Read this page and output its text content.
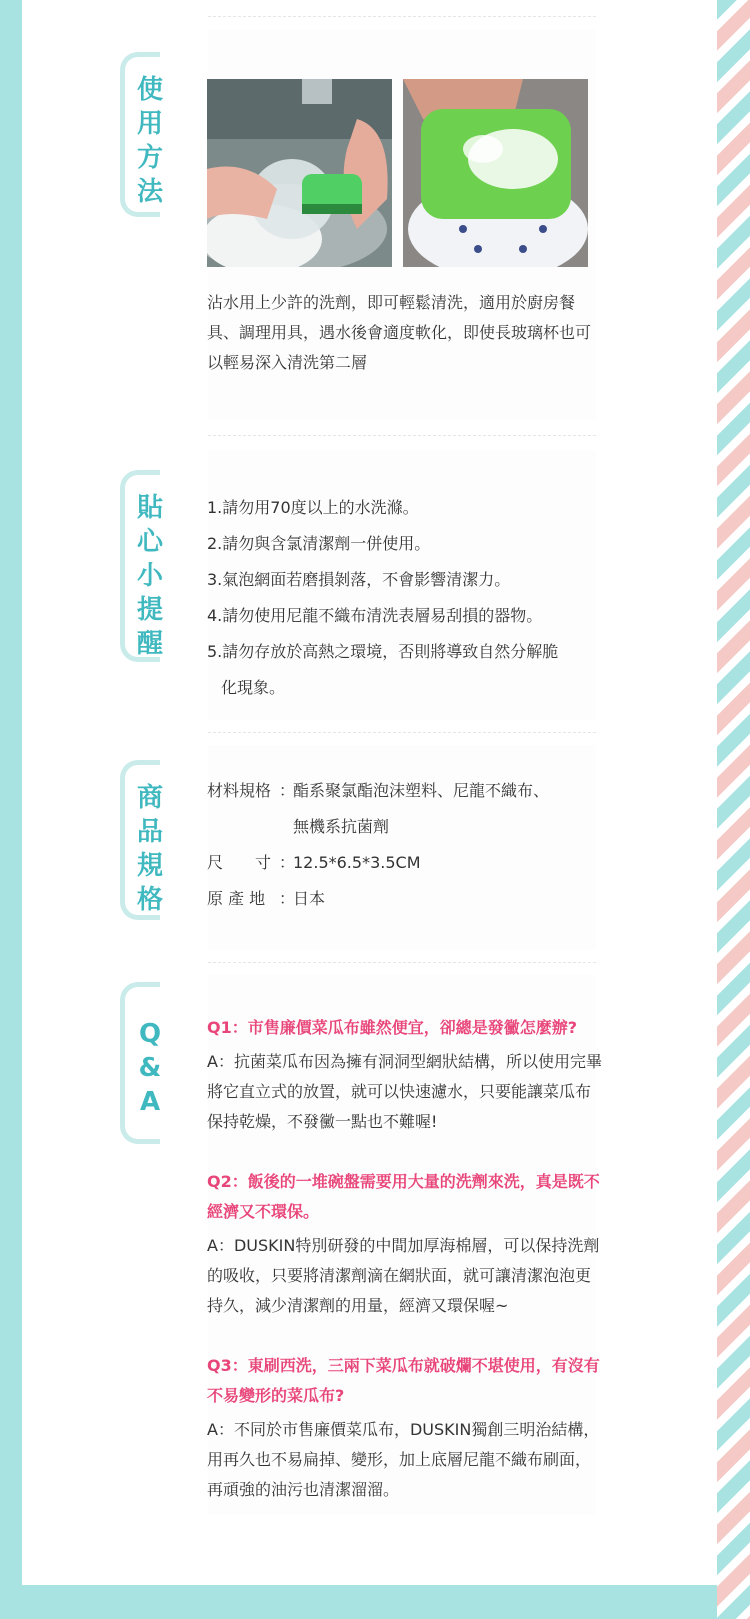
使用方法
沾水用上少許的洗劑，即可輕鬆清洗，適用於廚房餐具、調理用具，遇水後會適度軟化，即使長玻璃杯也可以輕易深入清洗第二層
貼心小提醒
1.請勿用70度以上的水洗滌。
2.請勿與含氯清潔劑一併使用。
3.氣泡網面若磨損剝落，不會影響清潔力。
4.請勿使用尼龍不織布清洗表層易刮損的器物。
5.請勿存放於高熱之環境，否則將導致自然分解脆
化現象。
商品規格
材料規格 ：
酯系聚氯酯泡沫塑料、尼龍不織布、
無機系抗菌劑
尺　　寸 ：
12.5*6.5*3.5CM
原 產 地 ：
日本
Q&A
Q1：市售廉價菜瓜布雖然便宜，卻總是發黴怎麼辦?
A：抗菌菜瓜布因為擁有洞洞型網狀結構，所以使用完畢將它直立式的放置，就可以快速濾水，只要能讓菜瓜布保持乾燥，不發黴一點也不難喔!
Q2：飯後的一堆碗盤需要用大量的洗劑來洗，真是既不經濟又不環保。
A：DUSKIN特別研發的中間加厚海棉層，可以保持洗劑的吸收，只要將清潔劑滴在網狀面，就可讓清潔泡泡更持久，減少清潔劑的用量，經濟又環保喔~
Q3：東刷西洗，三兩下菜瓜布就破爛不堪使用，有沒有不易變形的菜瓜布?
A：不同於市售廉價菜瓜布，DUSKIN獨創三明治結構，用再久也不易扁掉、變形，加上底層尼龍不織布刷面，再頑強的油污也清潔溜溜。
